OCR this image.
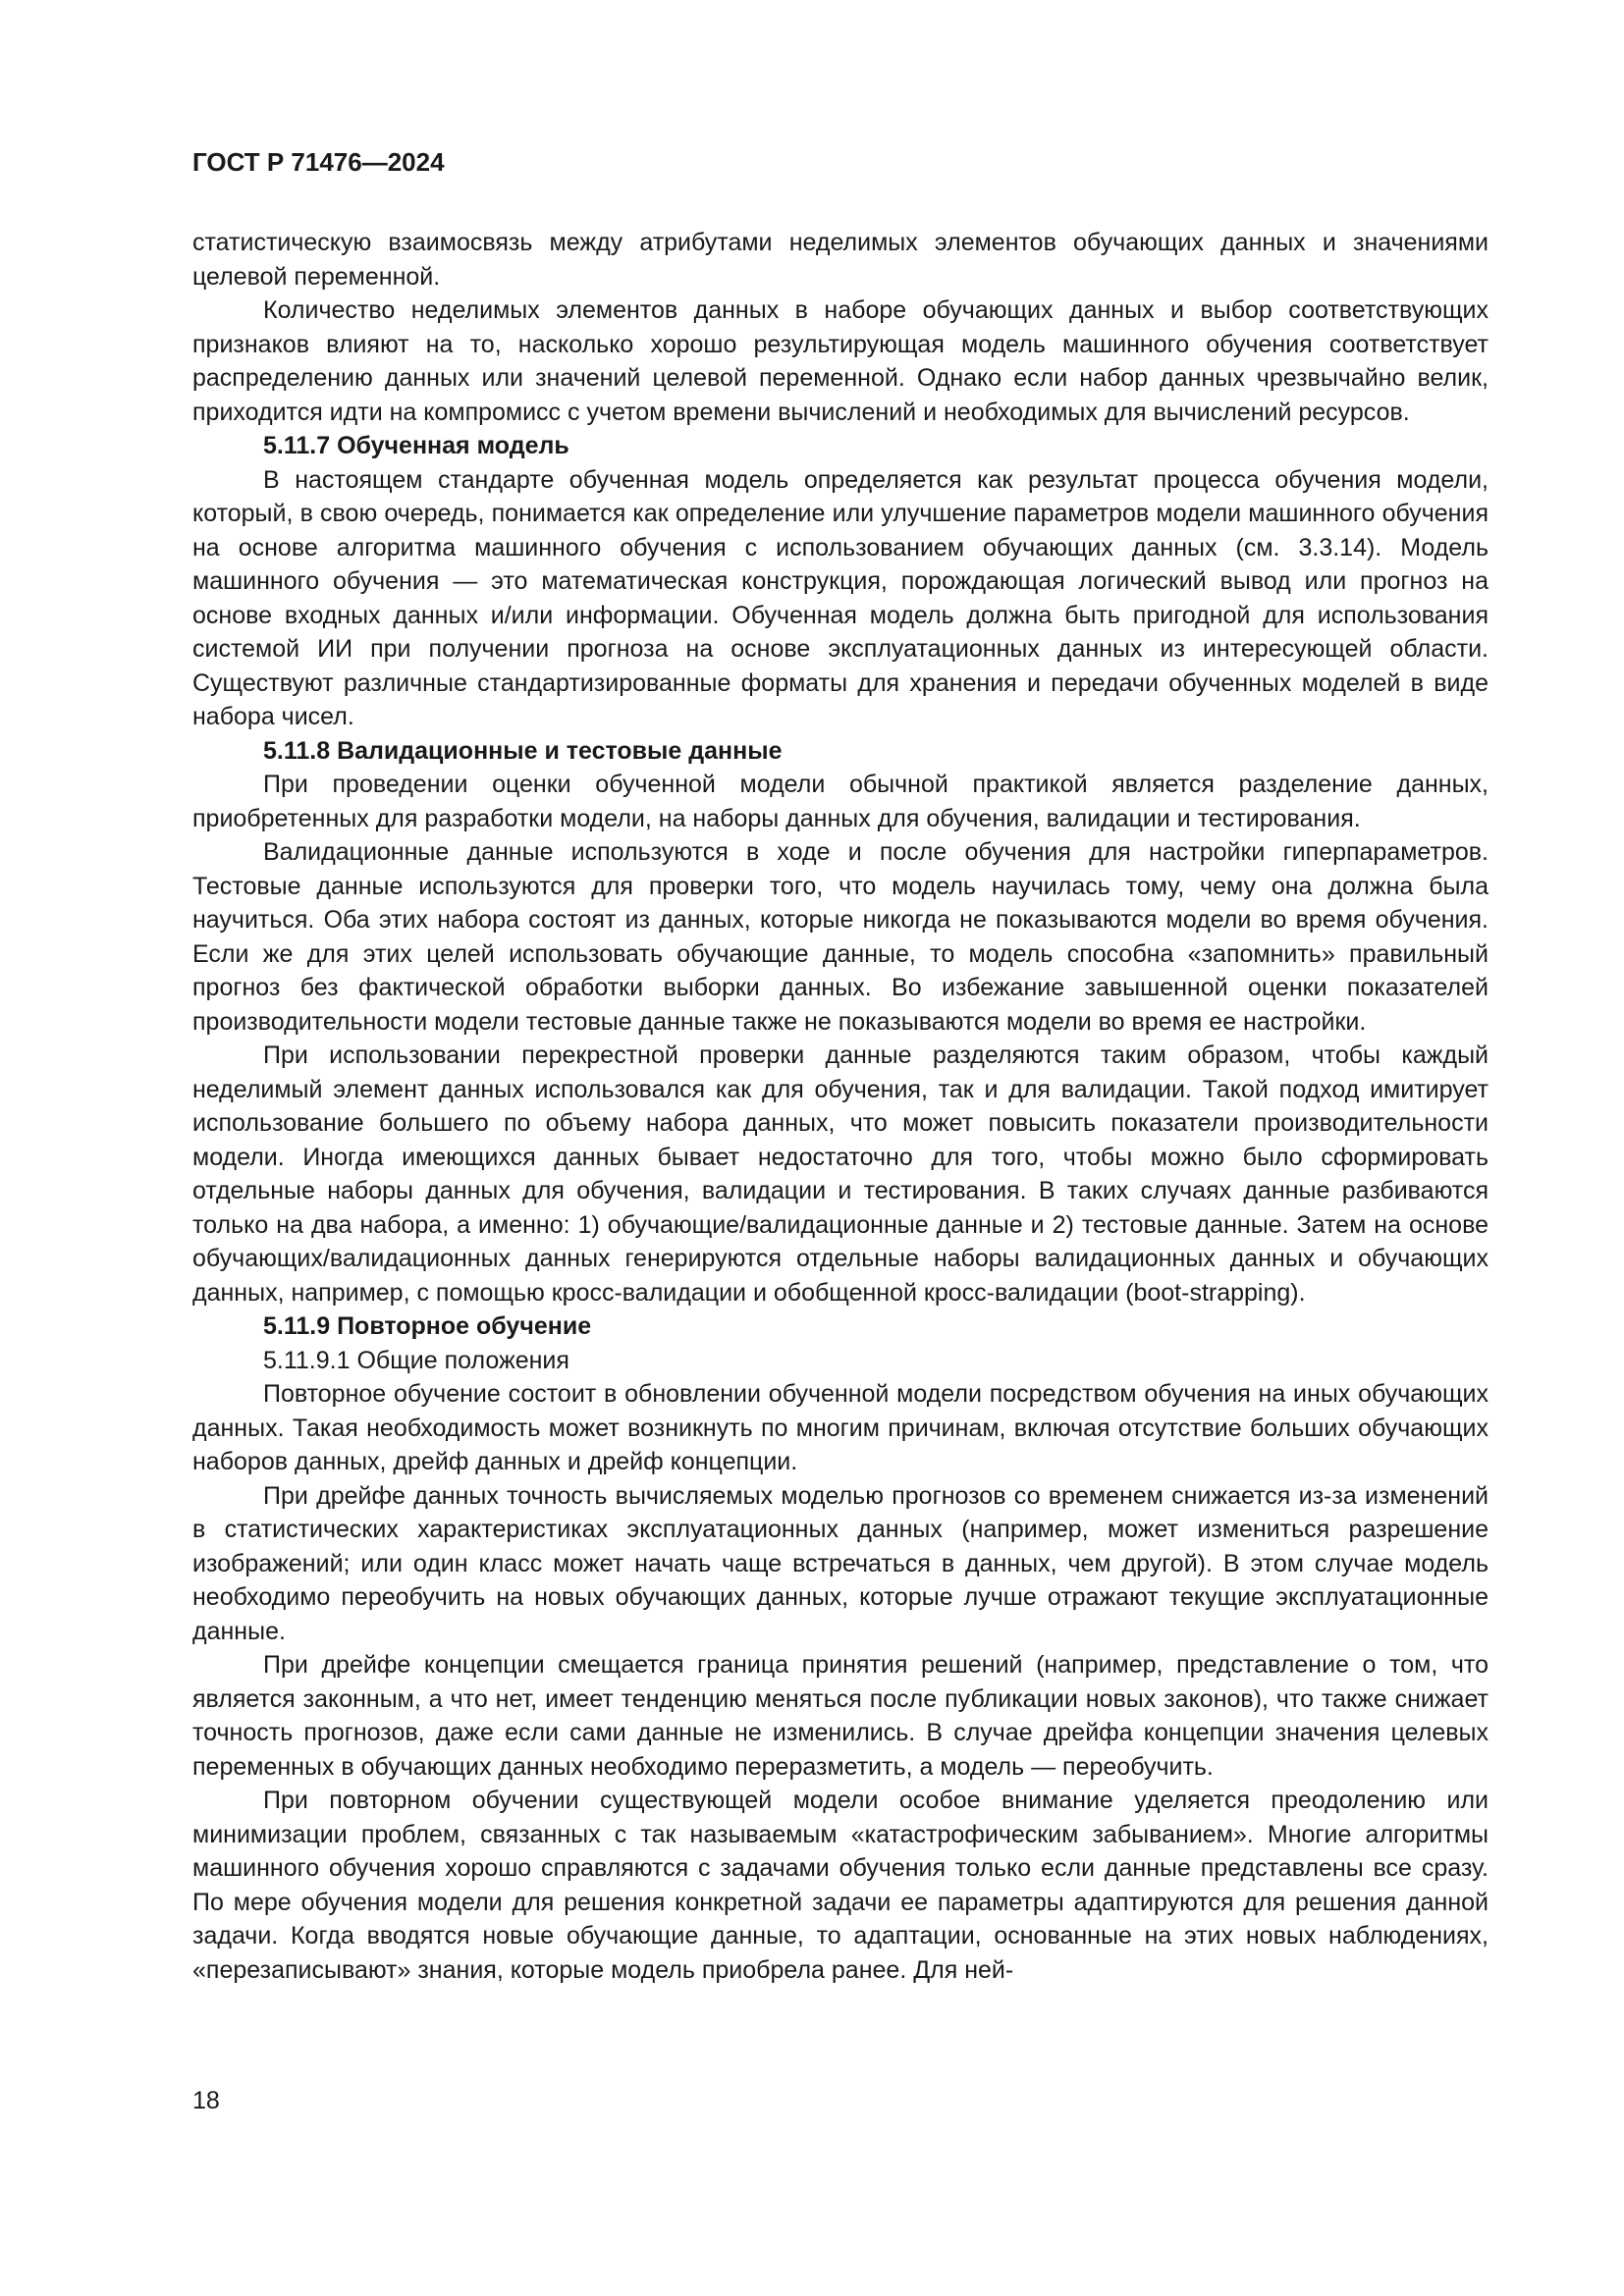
ГОСТ Р 71476—2024

статистическую взаимосвязь между атрибутами неделимых элементов обучающих данных и значениями целевой переменной.

Количество неделимых элементов данных в наборе обучающих данных и выбор соответствующих признаков влияют на то, насколько хорошо результирующая модель машинного обучения соответствует распределению данных или значений целевой переменной. Однако если набор данных чрезвычайно велик, приходится идти на компромисс с учетом времени вычислений и необходимых для вычислений ресурсов.

5.11.7 Обученная модель

В настоящем стандарте обученная модель определяется как результат процесса обучения модели, который, в свою очередь, понимается как определение или улучшение параметров модели машинного обучения на основе алгоритма машинного обучения с использованием обучающих данных (см. 3.3.14). Модель машинного обучения — это математическая конструкция, порождающая логический вывод или прогноз на основе входных данных и/или информации. Обученная модель должна быть пригодной для использования системой ИИ при получении прогноза на основе эксплуатационных данных из интересующей области. Существуют различные стандартизированные форматы для хранения и передачи обученных моделей в виде набора чисел.

5.11.8 Валидационные и тестовые данные

При проведении оценки обученной модели обычной практикой является разделение данных, приобретенных для разработки модели, на наборы данных для обучения, валидации и тестирования.

Валидационные данные используются в ходе и после обучения для настройки гиперпараметров. Тестовые данные используются для проверки того, что модель научилась тому, чему она должна была научиться. Оба этих набора состоят из данных, которые никогда не показываются модели во время обучения. Если же для этих целей использовать обучающие данные, то модель способна «запомнить» правильный прогноз без фактической обработки выборки данных. Во избежание завышенной оценки показателей производительности модели тестовые данные также не показываются модели во время ее настройки.

При использовании перекрестной проверки данные разделяются таким образом, чтобы каждый неделимый элемент данных использовался как для обучения, так и для валидации. Такой подход имитирует использование большего по объему набора данных, что может повысить показатели производительности модели. Иногда имеющихся данных бывает недостаточно для того, чтобы можно было сформировать отдельные наборы данных для обучения, валидации и тестирования. В таких случаях данные разбиваются только на два набора, а именно: 1) обучающие/валидационные данные и 2) тестовые данные. Затем на основе обучающих/валидационных данных генерируются отдельные наборы валидационных данных и обучающих данных, например, с помощью кросс-валидации и обобщенной кросс-валидации (boot-strapping).

5.11.9 Повторное обучение

5.11.9.1 Общие положения

Повторное обучение состоит в обновлении обученной модели посредством обучения на иных обучающих данных. Такая необходимость может возникнуть по многим причинам, включая отсутствие больших обучающих наборов данных, дрейф данных и дрейф концепции.

При дрейфе данных точность вычисляемых моделью прогнозов со временем снижается из-за изменений в статистических характеристиках эксплуатационных данных (например, может измениться разрешение изображений; или один класс может начать чаще встречаться в данных, чем другой). В этом случае модель необходимо переобучить на новых обучающих данных, которые лучше отражают текущие эксплуатационные данные.

При дрейфе концепции смещается граница принятия решений (например, представление о том, что является законным, а что нет, имеет тенденцию меняться после публикации новых законов), что также снижает точность прогнозов, даже если сами данные не изменились. В случае дрейфа концепции значения целевых переменных в обучающих данных необходимо переразметить, а модель — переобучить.

При повторном обучении существующей модели особое внимание уделяется преодолению или минимизации проблем, связанных с так называемым «катастрофическим забыванием». Многие алгоритмы машинного обучения хорошо справляются с задачами обучения только если данные представлены все сразу. По мере обучения модели для решения конкретной задачи ее параметры адаптируются для решения данной задачи. Когда вводятся новые обучающие данные, то адаптации, основанные на этих новых наблюдениях, «перезаписывают» знания, которые модель приобрела ранее. Для ней-

18
